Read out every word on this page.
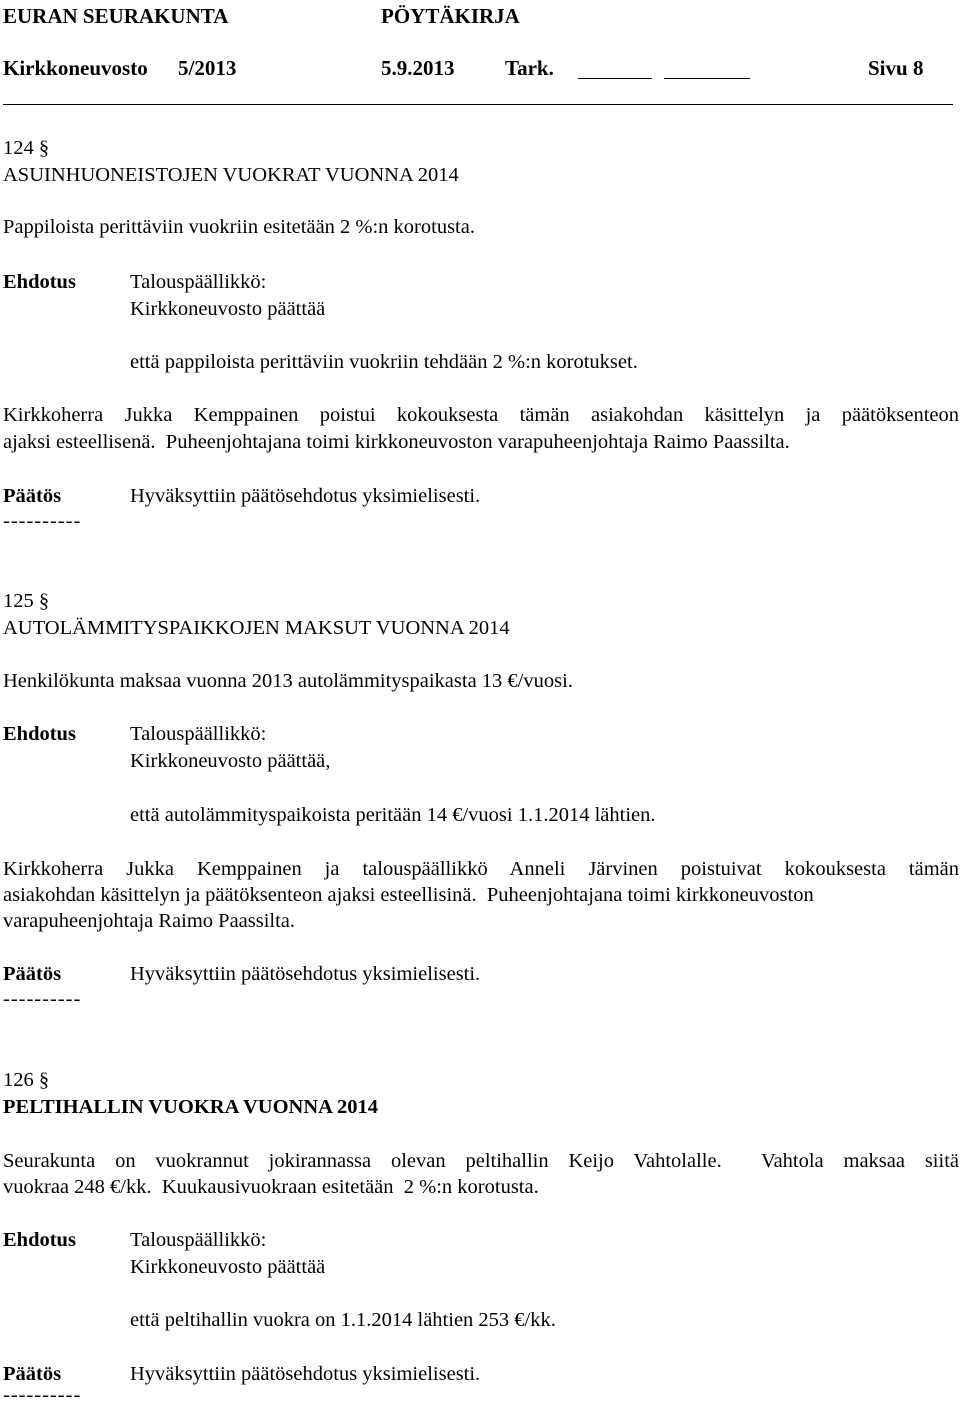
EURAN SEURAKUNTA	PÖYTÄKIRJA
Kirkkoneuvosto 5/2013	5.9.2013 Tark.	Sivu 8
124 §
ASUINHUONEISTOJEN VUOKRAT VUONNA 2014
Pappiloista perittäviin vuokriin esitetään 2 %:n korotusta.
Ehdotus	Talouspäällikkö:
Kirkkoneuvosto päättää
että pappiloista perittäviin vuokriin tehdään 2 %:n korotukset.
Kirkkoherra Jukka Kemppainen poistui kokouksesta tämän asiakohdan käsittelyn ja päätöksenteon
ajaksi esteellisenä.  Puheenjohtajana toimi kirkkoneuvoston varapuheenjohtaja Raimo Paassilta.
Päätös	Hyväksyttiin päätösehdotus yksimielisesti.
----------
125 §
AUTOLÄMMITYSPAIKKOJEN MAKSUT VUONNA 2014
Henkilökunta maksaa vuonna 2013 autolämmityspaikasta 13 €/vuosi.
Ehdotus	Talouspäällikkö:
Kirkkoneuvosto päättää,
että autolämmityspaikoista peritään 14 €/vuosi 1.1.2014 lähtien.
Kirkkoherra Jukka Kemppainen ja talouspäällikkö Anneli Järvinen poistuivat kokouksesta tämän
asiakohdan käsittelyn ja päätöksenteon ajaksi esteellisinä.  Puheenjohtajana toimi kirkkoneuvoston
varapuheenjohtaja Raimo Paassilta.
Päätös	Hyväksyttiin päätösehdotus yksimielisesti.
----------
126 §
PELTIHALLIN VUOKRA VUONNA 2014
Seurakunta on vuokrannut jokirannassa olevan peltihallin Keijo Vahtolalle.  Vahtola maksaa siitä
vuokraa 248 €/kk.  Kuukausivuokraan esitetään  2 %:n korotusta.
Ehdotus	Talouspäällikkö:
Kirkkoneuvosto päättää
että peltihallin vuokra on 1.1.2014 lähtien 253 €/kk.
Päätös	Hyväksyttiin päätösehdotus yksimielisesti.
----------
